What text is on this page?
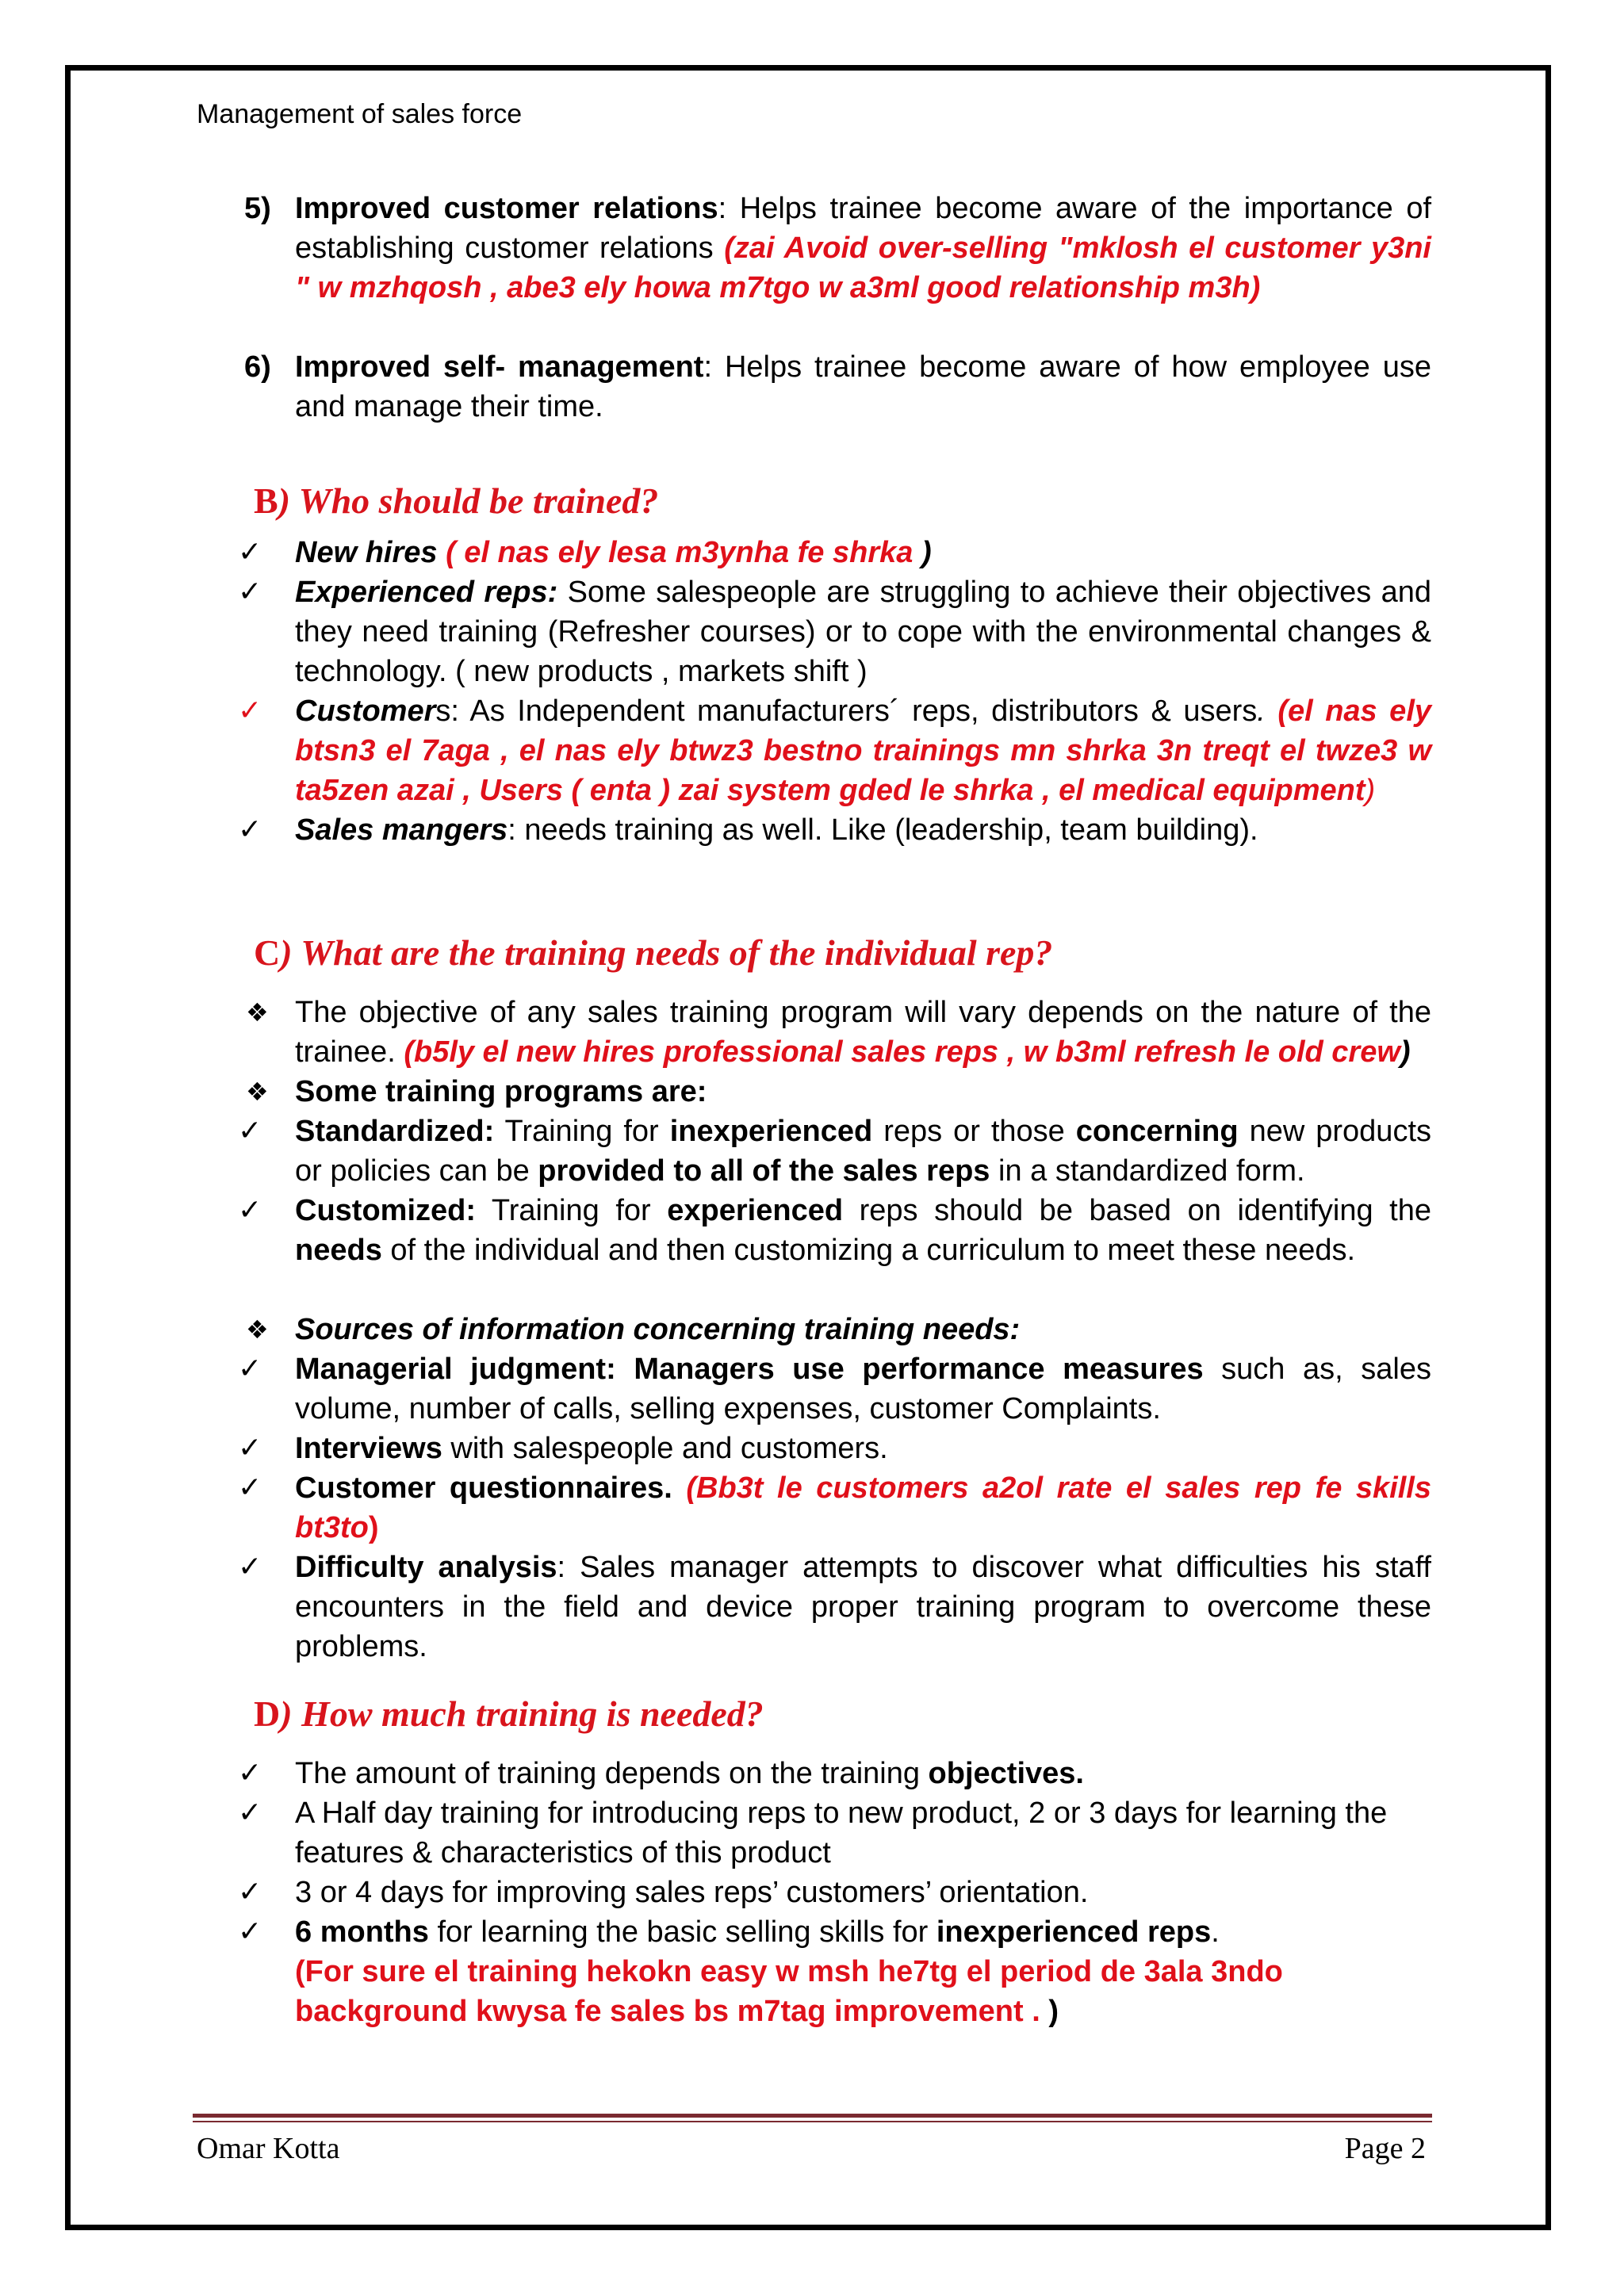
Management of sales force
5) Improved customer relations: Helps trainee become aware of the importance of establishing customer relations (zai Avoid over-selling "mklosh el customer y3ni " w mzhqosh , abe3 ely howa m7tgo w a3ml good relationship m3h)
6) Improved self- management: Helps trainee become aware of how employee use and manage their time.
B) Who should be trained?
✓	New hires ( el nas ely lesa m3ynha fe shrka )
✓	Experienced reps: Some salespeople are struggling to achieve their objectives and they need training (Refresher courses) or to cope with the environmental changes & technology. ( new products , markets shift )
✓	Customers: As Independent manufacturers´ reps, distributors & users. (el nas ely btsn3 el 7aga , el nas ely btwz3 bestno trainings mn shrka 3n treqt el twze3 w ta5zen azai , Users ( enta ) zai system gded le shrka , el medical equipment)
✓	Sales mangers: needs training as well. Like (leadership, team building).
C) What are the training needs of the individual rep?
❖ The objective of any sales training program will vary depends on the nature of the trainee. (b5ly el new hires professional sales reps , w b3ml refresh le old crew)
❖ Some training programs are:
✓	Standardized: Training for inexperienced reps or those concerning new products or policies can be provided to all of the sales reps in a standardized form.
✓	Customized: Training for experienced reps should be based on identifying the needs of the individual and then customizing a curriculum to meet these needs.
❖ Sources of information concerning training needs:
✓	Managerial judgment: Managers use performance measures such as, sales volume, number of calls, selling expenses, customer Complaints.
✓	Interviews with salespeople and customers.
✓	Customer questionnaires. (Bb3t le customers a2ol rate el sales rep fe skills bt3to)
✓	Difficulty analysis: Sales manager attempts to discover what difficulties his staff encounters in the field and device proper training program to overcome these problems.
D) How much training is needed?
✓	The amount of training depends on the training objectives.
✓	A Half day training for introducing reps to new product, 2 or 3 days for learning the features & characteristics of this product
✓	3 or 4 days for improving sales reps’ customers’ orientation.
✓	6 months for learning the basic selling skills for inexperienced reps.
(For sure el training hekokn easy w msh he7tg el period de 3ala 3ndo background kwysa fe sales bs m7tag improvement . )
Omar Kotta	Page 2
